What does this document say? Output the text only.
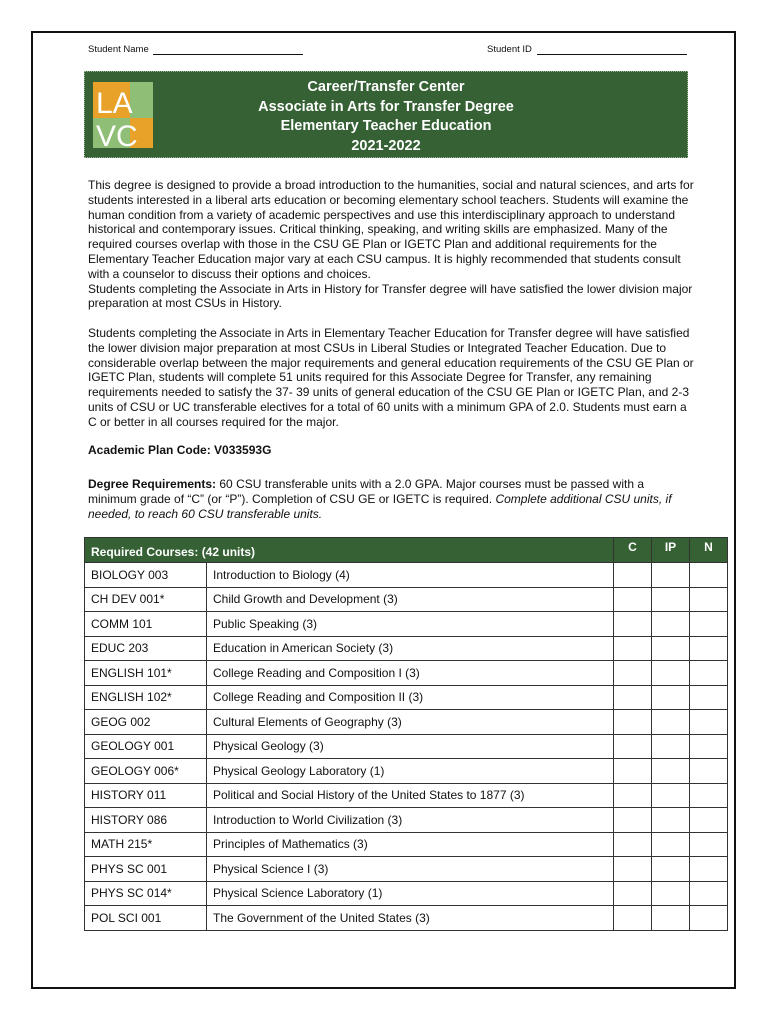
Student Name	Student ID
LA
VC
Career/Transfer Center
Associate in Arts for Transfer Degree
Elementary Teacher Education
2021-2022

This degree is designed to provide a broad introduction to the humanities, social and natural sciences, and arts for students interested in a liberal arts education or becoming elementary school teachers. Students will examine the human condition from a variety of academic perspectives and use this interdisciplinary approach to understand historical and contemporary issues. Critical thinking, speaking, and writing skills are emphasized. Many of the required courses overlap with those in the CSU GE Plan or IGETC Plan and additional requirements for the Elementary Teacher Education major vary at each CSU campus. It is highly recommended that students consult with a counselor to discuss their options and choices.

Students completing the Associate in Arts in History for Transfer degree will have satisfied the lower division major preparation at most CSUs in History.

Students completing the Associate in Arts in Elementary Teacher Education for Transfer degree will have satisfied the lower division major preparation at most CSUs in Liberal Studies or Integrated Teacher Education. Due to considerable overlap between the major requirements and general education requirements of the CSU GE Plan or IGETC Plan, students will complete 51 units required for this Associate Degree for Transfer, any remaining requirements needed to satisfy the 37- 39 units of general education of the CSU GE Plan or IGETC Plan, and 2-3 units of CSU or UC transferable electives for a total of 60 units with a minimum GPA of 2.0. Students must earn a C or better in all courses required for the major.

Academic Plan Code: V033593G
Degree Requirements: 60 CSU transferable units with a 2.0 GPA. Major courses must be passed with a minimum grade of “C” (or “P”). Completion of CSU GE or IGETC is required. Complete additional CSU units, if needed, to reach 60 CSU transferable units.
Required Courses: (42 units)		C	IP	N
BIOLOGY 003	Introduction to Biology (4)			
CH DEV 001*	Child Growth and Development (3)			
COMM 101	Public Speaking (3)			
EDUC 203	Education in American Society (3)			
ENGLISH 101*	College Reading and Composition I (3)			
ENGLISH 102*	College Reading and Composition II (3)			
GEOG 002	Cultural Elements of Geography (3)			
GEOLOGY 001	Physical Geology (3)			
GEOLOGY 006*	Physical Geology Laboratory (1)			
HISTORY 011	Political and Social History of the United States to 1877 (3)			
HISTORY 086	Introduction to World Civilization (3)			
MATH 215*	Principles of Mathematics (3)			
PHYS SC 001	Physical Science I (3)			
PHYS SC 014*	Physical Science Laboratory (1)			
POL SCI 001	The Government of the United States (3)			
